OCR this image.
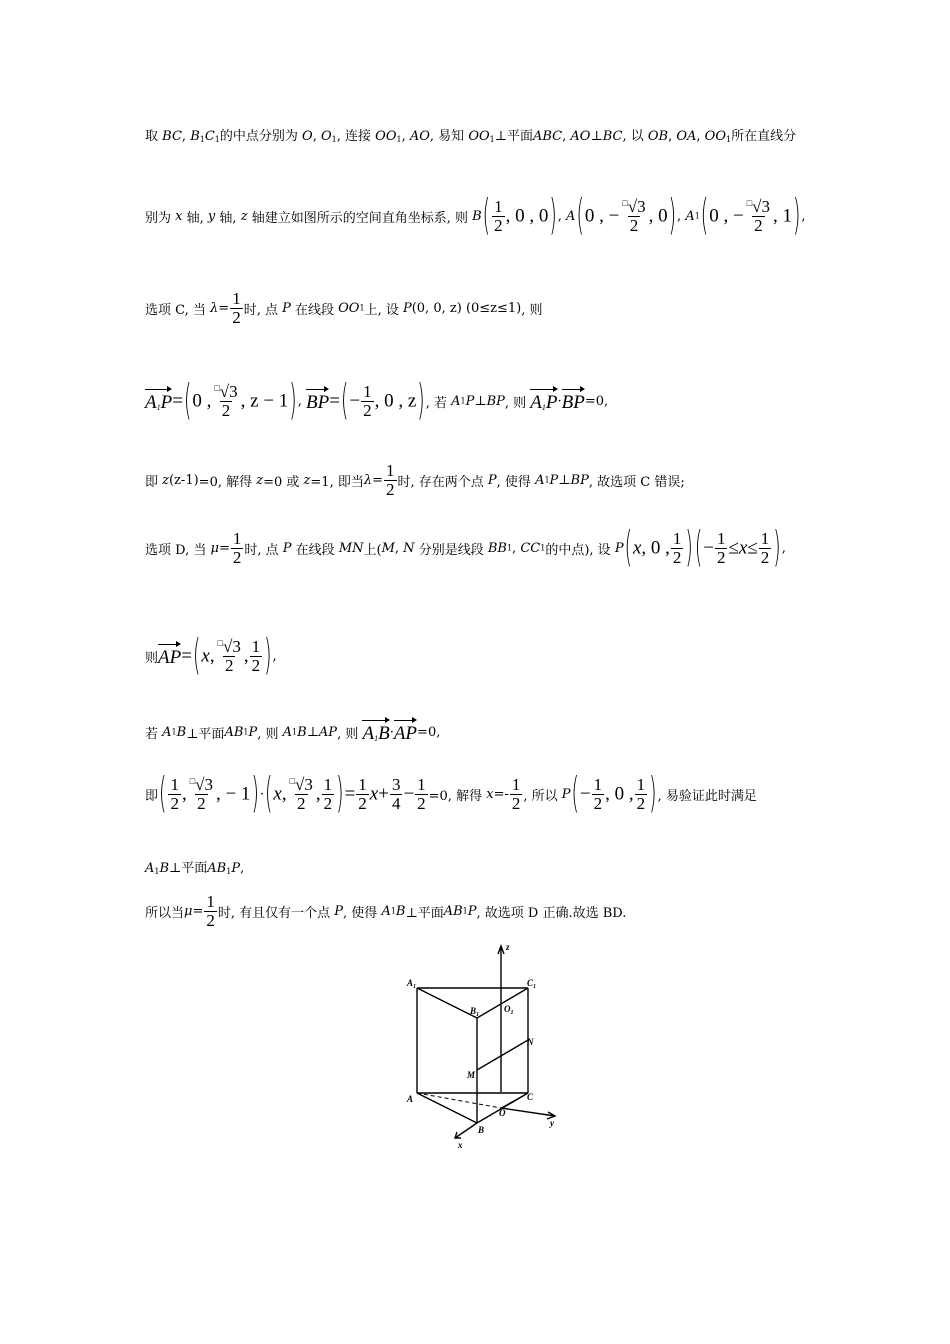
取 BC, $B_1C_1$的中点分别为 O, $O_1$, 连接 $OO_1$, AO, 易知 $OO_1\perp$平面ABC, AO⊥BC, 以 OB, OA, $OO_1$所在直线分
别为 x 轴, y 轴, z 轴建立如图所示的空间直角坐标系, 则 $B( \frac{1}{2}$ , 0 , 0), A(0 , − $\frac{^□√3}{2}$ , 0), A1(0 , − $\frac{^□√3}{2}$ , 1),
选项 C, 当 $\lambda= \frac{1}{2}$ 时, 点 P 在线段 OO1上, 设 P(0, 0, z) (0≤z≤1), 则
$A_1P=(0$ , $\frac{^□√3}{2}$ , z − 1), $BP=(- \frac{1}{2}$ , 0 , z), 若 A1P⊥BP, 则 $A_1P\cdot BP=0$,
即 z(z-1)=0, 解得 z=0 或 z=1, 即当$\lambda= \frac{1}{2}$ 时, 存在两个点 P, 使得 A1P⊥BP, 故选项 C 错误;
选项 D, 当 $\mu= \frac{1}{2}$ 时, 点 P 在线段 MN上(M, N 分别是线段 BB1, CC1的中点), 设 P(x, 0 , $\frac{1}{2}$ ) (− $\frac{1}{2} \le x\le \frac{1}{2}$ ),
则AP=(x, $\frac{^□√3}{2}$ , $\frac{1}{2}$ ),
若 A1B⊥平面AB1P, 则 A1B⊥AP, 则 $A_1B\cdot AP=0$,
即( $\frac{1}{2}$ , $\frac{^□√3}{2}$ , − 1)·(x, $\frac{^□√3}{2}$ , $\frac{1}{2}$ )= $\frac{1}{2} x+ \frac{3}{4} - \frac{1}{2} =0$, 解得 $x=- \frac{1}{2}$ , 所以 $P(- \frac{1}{2}$ , 0 , $\frac{1}{2}$ ), 易验证此时满足
$A_1B\perp$平面$AB_1P$,
所以当$\mu= \frac{1}{2}$ 时, 有且仅有一个点 P, 使得 A1B⊥平面AB1P, 故选项 D 正确.故选 BD.
z
$A_1$	$C_1$
$B_1$
$O_1$
N
M
A	C
O
B
y
x
